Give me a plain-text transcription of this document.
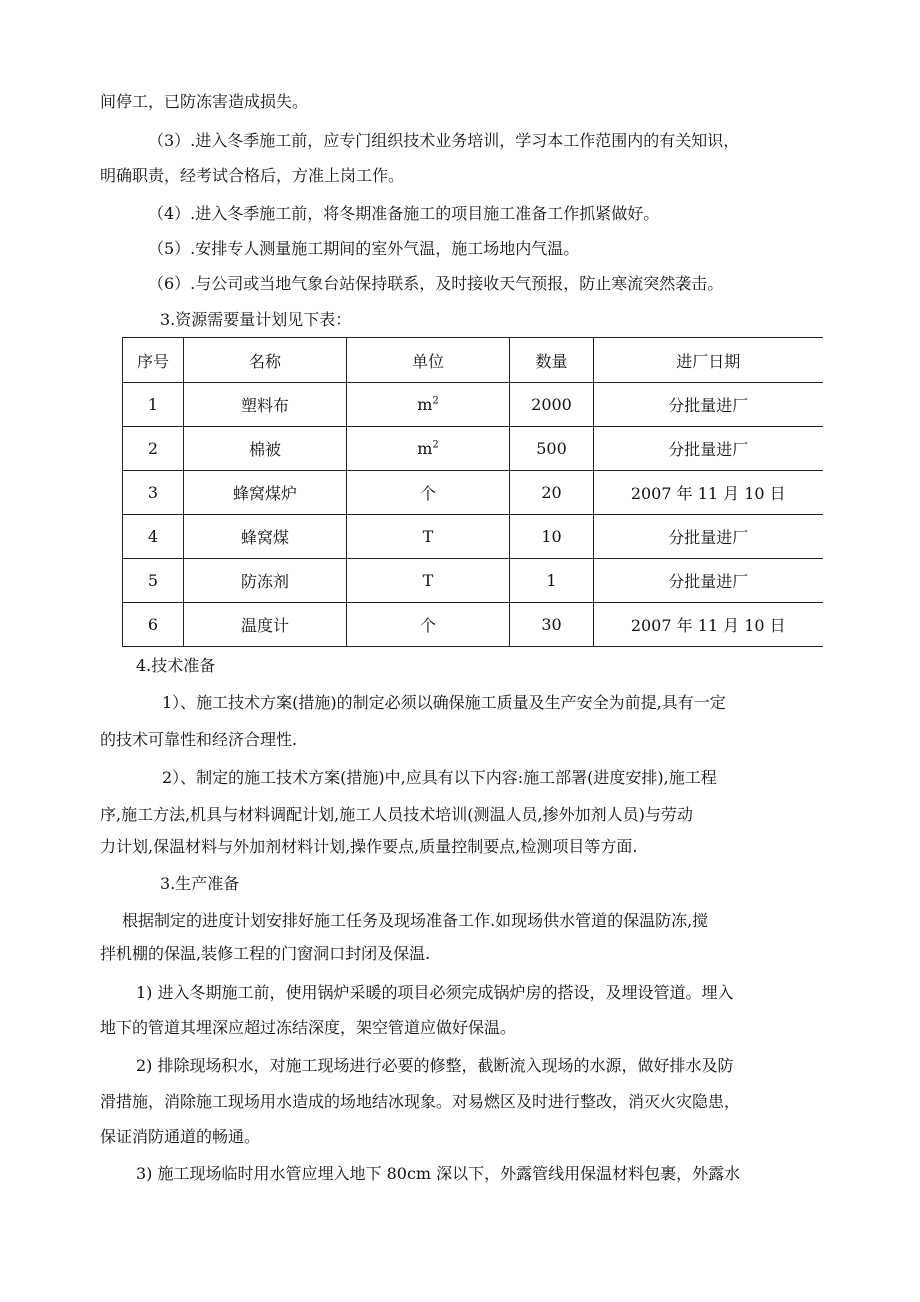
间停工，已防冻害造成损失。
（3）.进入冬季施工前，应专门组织技术业务培训，学习本工作范围内的有关知识，
明确职责，经考试合格后，方准上岗工作。
（4）.进入冬季施工前，将冬期准备施工的项目施工准备工作抓紧做好。
（5）.安排专人测量施工期间的室外气温，施工场地内气温。
（6）.与公司或当地气象台站保持联系，及时接收天气预报，防止寒流突然袭击。
3.资源需要量计划见下表：
序号	名称	单位	数量	进厂日期
1	塑料布	$m^2$	2000	分批量进厂
2	棉被	$m^2$	500	分批量进厂
3	蜂窝煤炉	个	20	2007 年 11 月 10 日
4	蜂窝煤	T	10	分批量进厂
5	防冻剂	T	1	分批量进厂
6	温度计	个	30	2007 年 11 月 10 日
4.技术准备
1）、施工技术方案(措施)的制定必须以确保施工质量及生产安全为前提,具有一定
的技术可靠性和经济合理性.
2）、制定的施工技术方案(措施)中,应具有以下内容:施工部署(进度安排),施工程
序,施工方法,机具与材料调配计划,施工人员技术培训(测温人员,掺外加剂人员)与劳动
力计划,保温材料与外加剂材料计划,操作要点,质量控制要点,检测项目等方面.
3.生产准备
根据制定的进度计划安排好施工任务及现场准备工作.如现场供水管道的保温防冻,搅
拌机棚的保温,装修工程的门窗洞口封闭及保温.
1) 进入冬期施工前，使用锅炉采暖的项目必须完成锅炉房的搭设，及埋设管道。埋入
地下的管道其埋深应超过冻结深度，架空管道应做好保温。
2) 排除现场积水，对施工现场进行必要的修整，截断流入现场的水源，做好排水及防
滑措施，消除施工现场用水造成的场地结冰现象。对易燃区及时进行整改，消灭火灾隐患，
保证消防通道的畅通。
3) 施工现场临时用水管应埋入地下 80cm 深以下，外露管线用保温材料包裹，外露水
